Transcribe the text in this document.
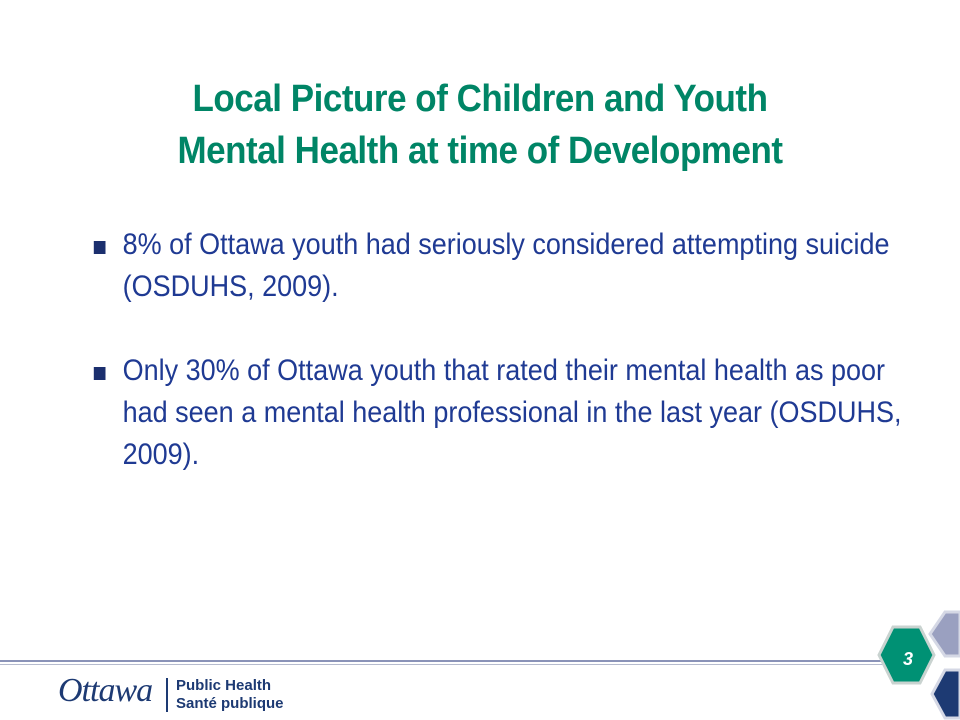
Local Picture of Children and Youth
Mental Health at time of Development
8% of Ottawa youth had seriously considered attempting suicide (OSDUHS, 2009).
Only 30% of Ottawa youth that rated their mental health as poor had seen a mental health professional in the last year (OSDUHS, 2009).
Ottawa Public Health
Santé publique
3
